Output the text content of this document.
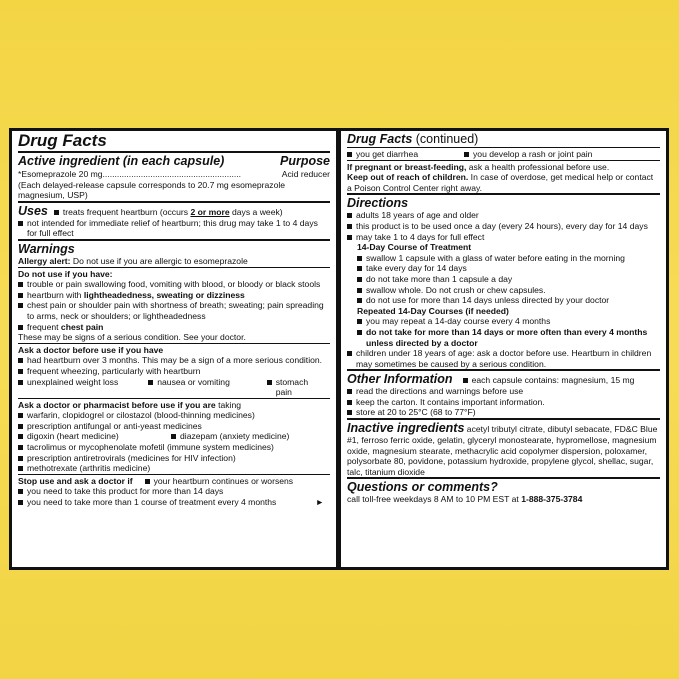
Drug Facts
Active ingredient (in each capsule)	Purpose
*Esomeprazole 20 mg..........................................................	Acid reducer
(Each delayed-release capsule corresponds to 20.7 mg esomeprazole magnesium, USP)
Uses treats frequent heartburn (occurs 2 or more days a week)
not intended for immediate relief of heartburn; this drug may take 1 to 4 days for full effect
Warnings
Allergy alert: Do not use if you are allergic to esomeprazole
Do not use if you have:
trouble or pain swallowing food, vomiting with blood, or bloody or black stools
heartburn with lightheadedness, sweating or dizziness
chest pain or shoulder pain with shortness of breath; sweating; pain spreading to arms, neck or shoulders; or lightheadedness
frequent chest pain
These may be signs of a serious condition. See your doctor.
Ask a doctor before use if you have
had heartburn over 3 months. This may be a sign of a more serious condition.
frequent wheezing, particularly with heartburn
unexplained weight loss	nausea or vomiting	stomach pain
Ask a doctor or pharmacist before use if you are taking
warfarin, clopidogrel or cilostazol (blood-thinning medicines)
prescription antifungal or anti-yeast medicines
digoxin (heart medicine)	diazepam (anxiety medicine)
tacrolimus or mycophenolate mofetil (immune system medicines)
prescription antiretrovirals (medicines for HIV infection)
methotrexate (arthritis medicine)
Stop use and ask a doctor if your heartburn continues or worsens
you need to take this product for more than 14 days
you need to take more than 1 course of treatment every 4 months	►
Drug Facts (continued)
you get diarrhea	you develop a rash or joint pain
If pregnant or breast-feeding, ask a health professional before use.
Keep out of reach of children. In case of overdose, get medical help or contact a Poison Control Center right away.
Directions
adults 18 years of age and older
this product is to be used once a day (every 24 hours), every day for 14 days
may take 1 to 4 days for full effect
14-Day Course of Treatment
swallow 1 capsule with a glass of water before eating in the morning
take every day for 14 days
do not take more than 1 capsule a day
swallow whole. Do not crush or chew capsules.
do not use for more than 14 days unless directed by your doctor
Repeated 14-Day Courses (if needed)
you may repeat a 14-day course every 4 months
do not take for more than 14 days or more often than every 4 months unless directed by a doctor
children under 18 years of age: ask a doctor before use. Heartburn in children may sometimes be caused by a serious condition.
Other Information each capsule contains: magnesium, 15 mg
read the directions and warnings before use
keep the carton. It contains important information.
store at 20 to 25°C (68 to 77°F)
Inactive ingredients acetyl tributyl citrate, dibutyl sebacate, FD&C Blue #1, ferroso ferric oxide, gelatin, glyceryl monostearate, hypromellose, magnesium oxide, magnesium stearate, methacrylic acid copolymer dispersion, poloxamer, polysorbate 80, povidone, potassium hydroxide, propylene glycol, shellac, sugar, talc, titanium dioxide
Questions or comments?
call toll-free weekdays 8 AM to 10 PM EST at 1-888-375-3784
